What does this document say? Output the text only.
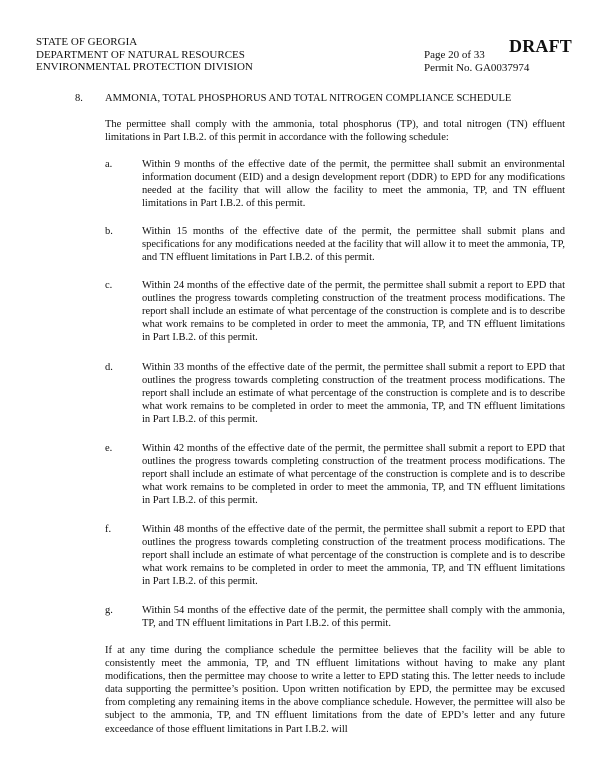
STATE OF GEORGIA
DEPARTMENT OF NATURAL RESOURCES
ENVIRONMENTAL PROTECTION DIVISION
Page 20 of 33
Permit No. GA0037974
DRAFT
8. AMMONIA, TOTAL PHOSPHORUS AND TOTAL NITROGEN COMPLIANCE SCHEDULE

The permittee shall comply with the ammonia, total phosphorus (TP), and total nitrogen (TN) effluent limitations in Part I.B.2. of this permit in accordance with the following schedule:

a.	Within 9 months of the effective date of the permit, the permittee shall submit an environmental information document (EID) and a design development report (DDR) to EPD for any modifications needed at the facility that will allow the facility to meet the ammonia, TP, and TN effluent limitations in Part I.B.2. of this permit.
b.	Within 15 months of the effective date of the permit, the permittee shall submit plans and specifications for any modifications needed at the facility that will allow it to meet the ammonia, TP, and TN effluent limitations in Part I.B.2. of this permit.
c.	Within 24 months of the effective date of the permit, the permittee shall submit a report to EPD that outlines the progress towards completing construction of the treatment process modifications. The report shall include an estimate of what percentage of the construction is complete and is to describe what work remains to be completed in order to meet the ammonia, TP, and TN effluent limitations in Part I.B.2. of this permit.
d.	Within 33 months of the effective date of the permit, the permittee shall submit a report to EPD that outlines the progress towards completing construction of the treatment process modifications. The report shall include an estimate of what percentage of the construction is complete and is to describe what work remains to be completed in order to meet the ammonia, TP, and TN effluent limitations in Part I.B.2. of this permit.
e.	Within 42 months of the effective date of the permit, the permittee shall submit a report to EPD that outlines the progress towards completing construction of the treatment process modifications. The report shall include an estimate of what percentage of the construction is complete and is to describe what work remains to be completed in order to meet the ammonia, TP, and TN effluent limitations in Part I.B.2. of this permit.
f.	Within 48 months of the effective date of the permit, the permittee shall submit a report to EPD that outlines the progress towards completing construction of the treatment process modifications. The report shall include an estimate of what percentage of the construction is complete and is to describe what work remains to be completed in order to meet the ammonia, TP, and TN effluent limitations in Part I.B.2. of this permit.
g.	Within 54 months of the effective date of the permit, the permittee shall comply with the ammonia, TP, and TN effluent limitations in Part I.B.2. of this permit.

If at any time during the compliance schedule the permittee believes that the facility will be able to consistently meet the ammonia, TP, and TN effluent limitations without having to make any plant modifications, then the permittee may choose to write a letter to EPD stating this. The letter needs to include data supporting the permittee’s position. Upon written notification by EPD, the permittee may be excused from completing any remaining items in the above compliance schedule. However, the permittee will also be subject to the ammonia, TP, and TN effluent limitations from the date of EPD’s letter and any future exceedance of those effluent limitations in Part I.B.2. will
